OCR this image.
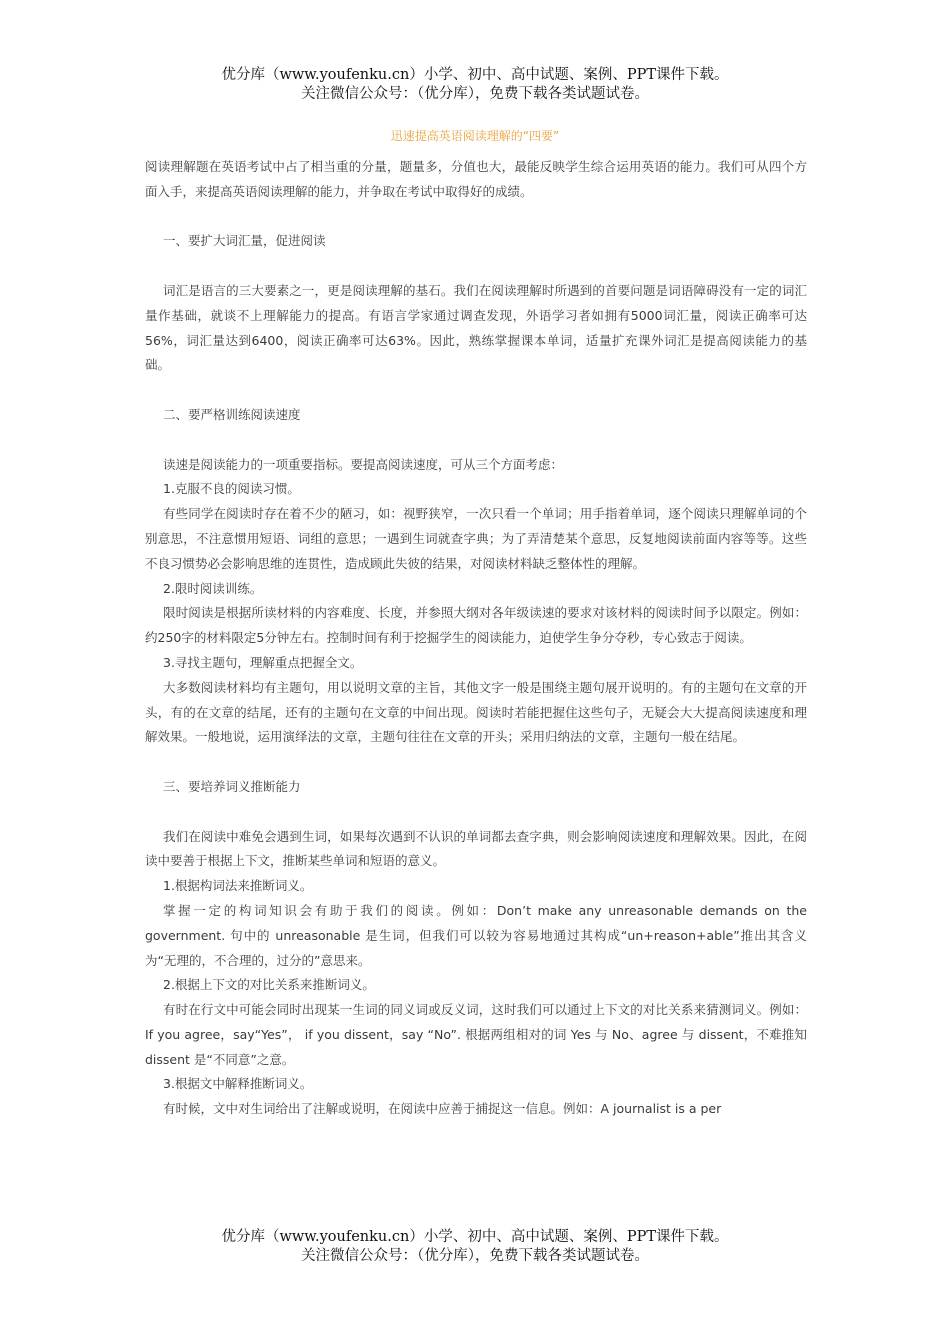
优分库（www.youfenku.cn）小学、初中、高中试题、案例、PPT课件下载。
关注微信公众号：（优分库），免费下载各类试题试卷。
迅速提高英语阅读理解的“四要”

阅读理解题在英语考试中占了相当重的分量，题量多，分值也大，最能反映学生综合运用英语的能力。我们可从四个方面入手，来提高英语阅读理解的能力，并争取在考试中取得好的成绩。

一、要扩大词汇量，促进阅读

词汇是语言的三大要素之一，更是阅读理解的基石。我们在阅读理解时所遇到的首要问题是词语障碍没有一定的词汇量作基础，就谈不上理解能力的提高。有语言学家通过调查发现，外语学习者如拥有5000词汇量，阅读正确率可达56%，词汇量达到6400，阅读正确率可达63%。因此，熟练掌握课本单词，适量扩充课外词汇是提高阅读能力的基础。

二、要严格训练阅读速度

读速是阅读能力的一项重要指标。要提高阅读速度，可从三个方面考虑：

1.克服不良的阅读习惯。

有些同学在阅读时存在着不少的陋习，如：视野狭窄，一次只看一个单词；用手指着单词，逐个阅读只理解单词的个别意思，不注意惯用短语、词组的意思；一遇到生词就查字典；为了弄清楚某个意思，反复地阅读前面内容等等。这些不良习惯势必会影响思维的连贯性，造成顾此失彼的结果，对阅读材料缺乏整体性的理解。

2.限时阅读训练。

限时阅读是根据所读材料的内容难度、长度，并参照大纲对各年级读速的要求对该材料的阅读时间予以限定。例如：约250字的材料限定5分钟左右。控制时间有利于挖掘学生的阅读能力，迫使学生争分夺秒，专心致志于阅读。

3.寻找主题句，理解重点把握全文。

大多数阅读材料均有主题句，用以说明文章的主旨，其他文字一般是围绕主题句展开说明的。有的主题句在文章的开头，有的在文章的结尾，还有的主题句在文章的中间出现。阅读时若能把握住这些句子，无疑会大大提高阅读速度和理解效果。一般地说，运用演绎法的文章，主题句往往在文章的开头；采用归纳法的文章，主题句一般在结尾。

三、要培养词义推断能力

我们在阅读中难免会遇到生词，如果每次遇到不认识的单词都去查字典，则会影响阅读速度和理解效果。因此，在阅读中要善于根据上下文，推断某些单词和短语的意义。

1.根据构词法来推断词义。

掌握一定的构词知识会有助于我们的阅读。例如：Don’t make any unreasonable demands on the government. 句中的 unreasonable 是生词，但我们可以较为容易地通过其构成“un+reason+able”推出其含义为“无理的，不合理的，过分的”意思来。

2.根据上下文的对比关系来推断词义。

有时在行文中可能会同时出现某一生词的同义词或反义词，这时我们可以通过上下文的对比关系来猜测词义。例如：If you agree，say“Yes”， if you dissent，say “No”. 根据两组相对的词 Yes 与 No、agree 与 dissent，不难推知 dissent 是“不同意”之意。

3.根据文中解释推断词义。

有时候，文中对生词给出了注解或说明，在阅读中应善于捕捉这一信息。例如：A journalist is a per

优分库（www.youfenku.cn）小学、初中、高中试题、案例、PPT课件下载。
关注微信公众号：（优分库），免费下载各类试题试卷。
